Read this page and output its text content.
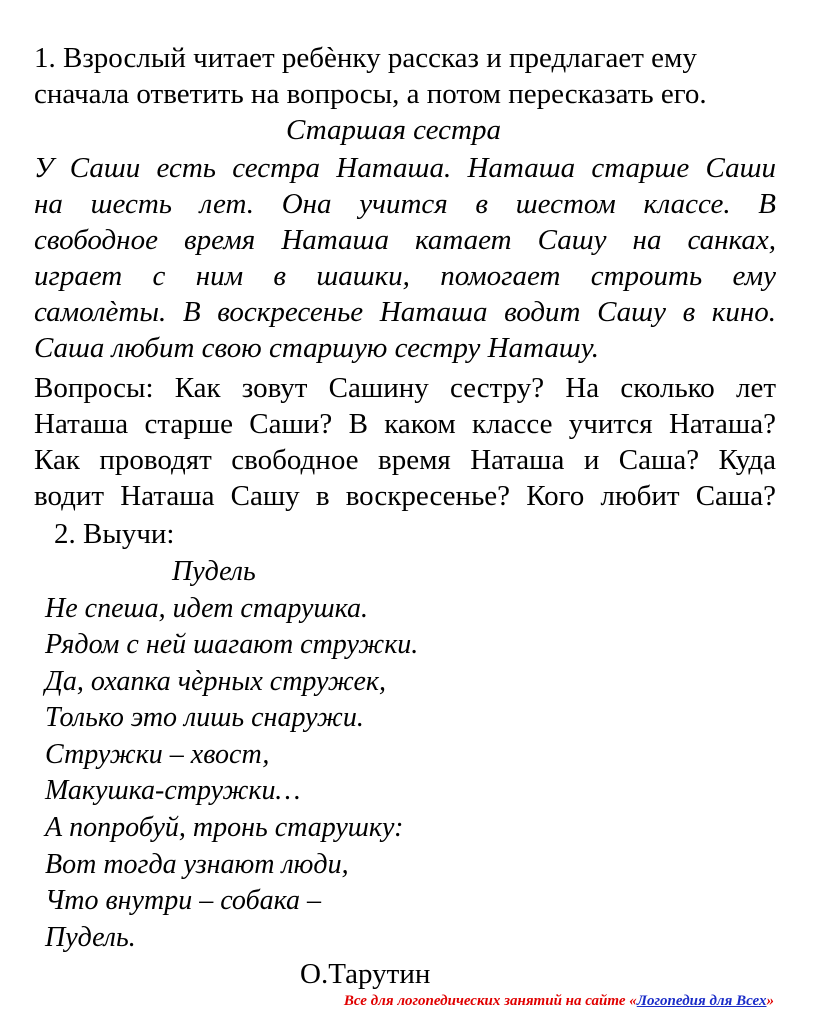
1. Взрослый читает ребѐнку рассказ и предлагает ему
сначала ответить на вопросы, а потом пересказать его.
Старшая сестра
У Саши есть сестра Наташа. Наташа старше Саши
на шесть лет. Она учится в шестом классе. В
свободное время Наташа катает Сашу на санках,
играет с ним в шашки, помогает строить ему
самолѐты. В воскресенье Наташа водит Сашу в кино.
Саша любит свою старшую сестру Наташу.
Вопросы: Как зовут Сашину сестру? На сколько лет
Наташа старше Саши? В каком классе учится Наташа?
Как проводят свободное время Наташа и Саша? Куда
водит Наташа Сашу в воскресенье? Кого любит Саша?
2. Выучи:
Пудель
Не спеша, идет старушка.
Рядом с ней шагают стружки.
Да, охапка чѐрных стружек,
Только это лишь снаружи.
Стружки – хвост,
Макушка-стружки…
А попробуй, тронь старушку:
Вот тогда узнают люди,
Что внутри – собака –
Пудель.
О.Тарутин
Все для логопедических занятий на сайте «Логопедия для Всех»
